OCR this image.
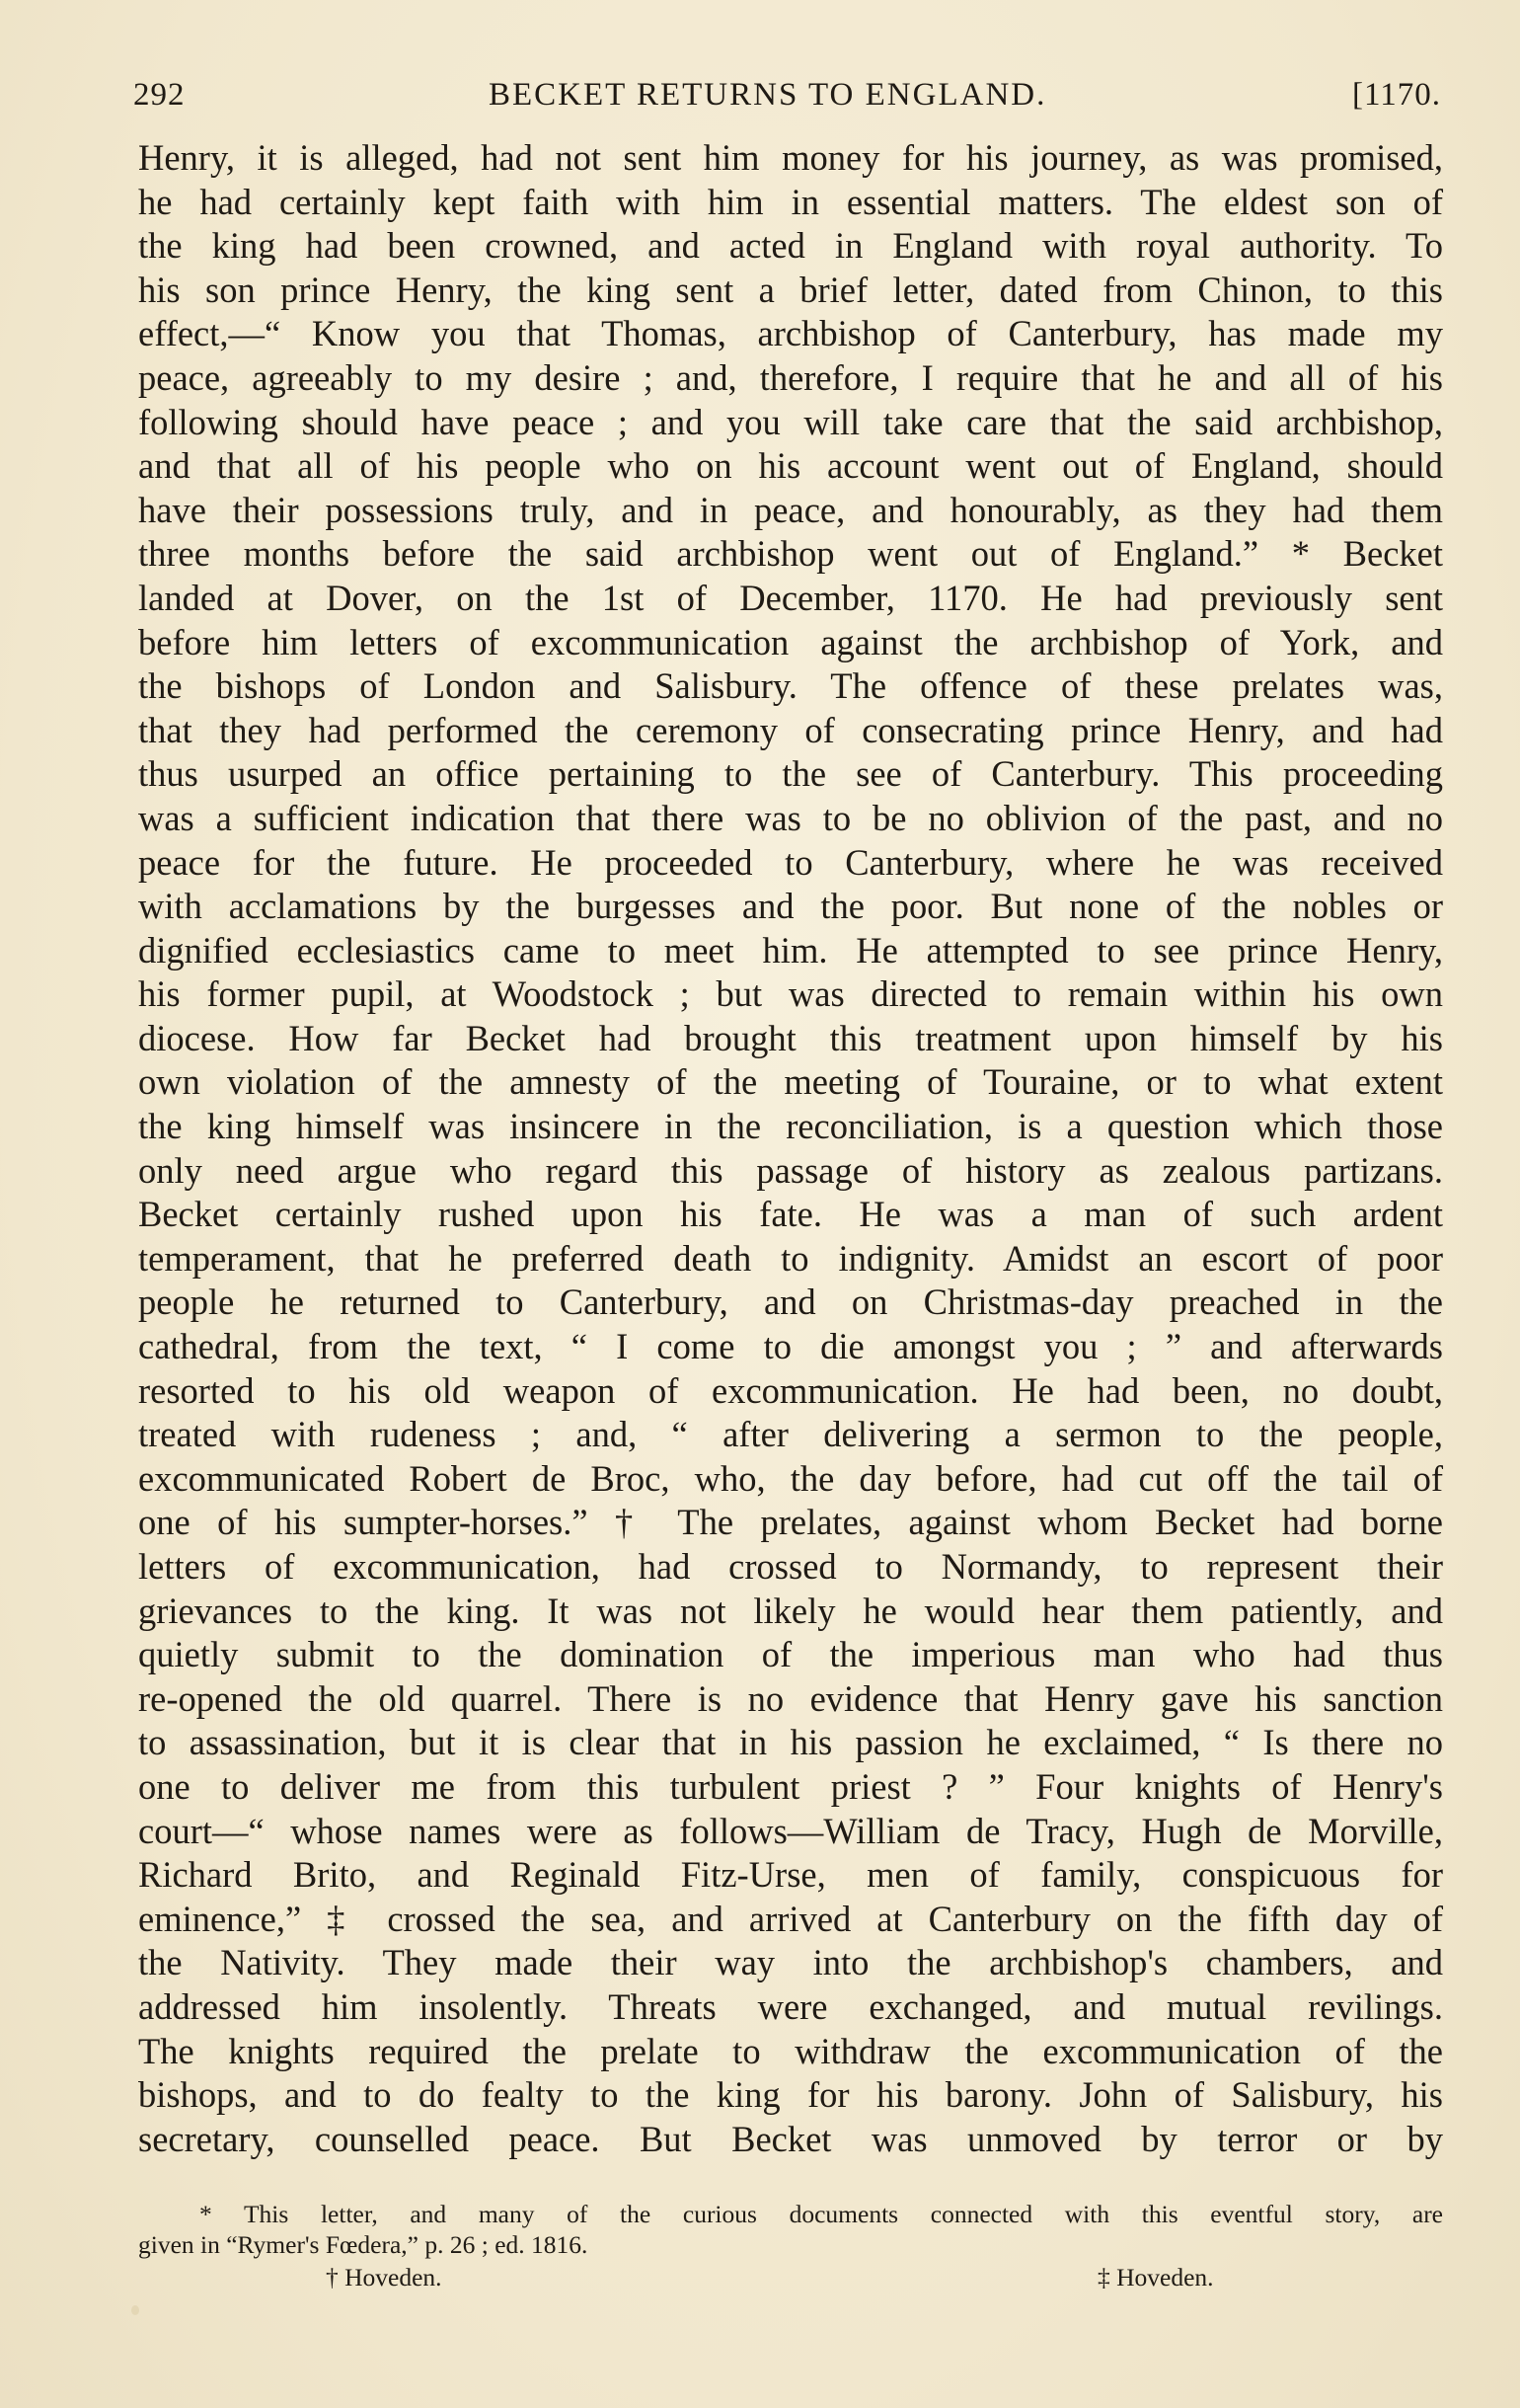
292	BECKET RETURNS TO ENGLAND.	[1170.
Henry, it is alleged, had not sent him money for his journey, as was promised,
he had certainly kept faith with him in essential matters. The eldest son of
the king had been crowned, and acted in England with royal authority. To
his son prince Henry, the king sent a brief letter, dated from Chinon, to this
effect,—“ Know you that Thomas, archbishop of Canterbury, has made my
peace, agreeably to my desire ; and, therefore, I require that he and all of his
following should have peace ; and you will take care that the said archbishop,
and that all of his people who on his account went out of England, should
have their possessions truly, and in peace, and honourably, as they had them
three months before the said archbishop went out of England.” * Becket
landed at Dover, on the 1st of December, 1170. He had previously sent
before him letters of excommunication against the archbishop of York, and
the bishops of London and Salisbury. The offence of these prelates was,
that they had performed the ceremony of consecrating prince Henry, and had
thus usurped an office pertaining to the see of Canterbury. This proceeding
was a sufficient indication that there was to be no oblivion of the past, and no
peace for the future. He proceeded to Canterbury, where he was received
with acclamations by the burgesses and the poor. But none of the nobles or
dignified ecclesiastics came to meet him. He attempted to see prince Henry,
his former pupil, at Woodstock ; but was directed to remain within his own
diocese. How far Becket had brought this treatment upon himself by his
own violation of the amnesty of the meeting of Touraine, or to what extent
the king himself was insincere in the reconciliation, is a question which those
only need argue who regard this passage of history as zealous partizans.
Becket certainly rushed upon his fate. He was a man of such ardent
temperament, that he preferred death to indignity. Amidst an escort of poor
people he returned to Canterbury, and on Christmas-day preached in the
cathedral, from the text, “ I come to die amongst you ; ” and afterwards
resorted to his old weapon of excommunication. He had been, no doubt,
treated with rudeness ; and, “ after delivering a sermon to the people,
excommunicated Robert de Broc, who, the day before, had cut off the tail of
one of his sumpter-horses.” † The prelates, against whom Becket had borne
letters of excommunication, had crossed to Normandy, to represent their
grievances to the king. It was not likely he would hear them patiently, and
quietly submit to the domination of the imperious man who had thus
re-opened the old quarrel. There is no evidence that Henry gave his sanction
to assassination, but it is clear that in his passion he exclaimed, “ Is there no
one to deliver me from this turbulent priest ? ” Four knights of Henry's
court—“ whose names were as follows—William de Tracy, Hugh de Morville,
Richard Brito, and Reginald Fitz-Urse, men of family, conspicuous for
eminence,” ‡ crossed the sea, and arrived at Canterbury on the fifth day of
the Nativity. They made their way into the archbishop's chambers, and
addressed him insolently. Threats were exchanged, and mutual revilings.
The knights required the prelate to withdraw the excommunication of the
bishops, and to do fealty to the king for his barony. John of Salisbury, his
secretary, counselled peace. But Becket was unmoved by terror or by
* This letter, and many of the curious documents connected with this eventful story, are
given in “Rymer's Fœdera,” p. 26 ; ed. 1816.
† Hoveden.	‡ Hoveden.
